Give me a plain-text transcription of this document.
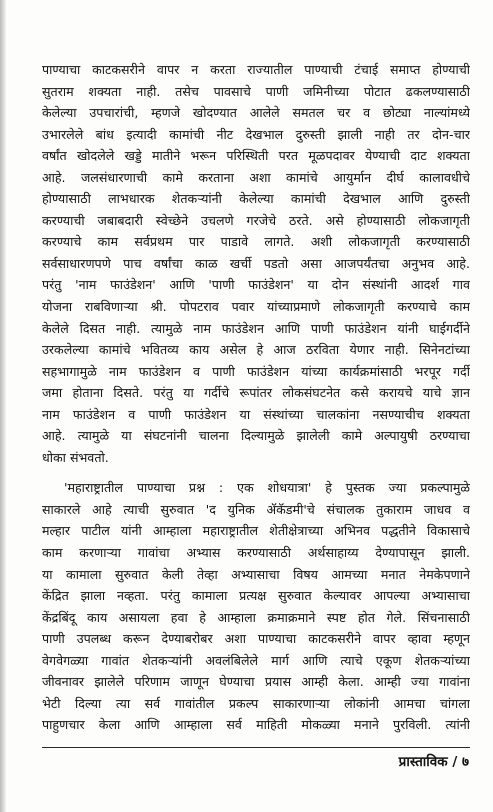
पाण्याचा काटकसरीने वापर न करता राज्यातील पाण्याची टंचाई समाप्त होण्याची
सुतराम शक्यता नाही. तसेच पावसाचे पाणी जमिनीच्या पोटात ढकलण्यासाठी
केलेल्या उपचारांची, म्हणजे खोदण्यात आलेले समतल चर व छोट्या नाल्यांमध्ये
उभारलेले बांध इत्यादी कामांची नीट देखभाल दुरुस्ती झाली नाही तर दोन-चार
वर्षांत खोदलेले खड्डे मातीने भरून परिस्थिती परत मूळपदावर येण्याची दाट शक्यता
आहे. जलसंधारणाची कामे करताना अशा कामांचे आयुर्मान दीर्घ कालावधीचे
होण्यासाठी लाभधारक शेतकऱ्यांनी केलेल्या कामांची देखभाल आणि दुरुस्ती
करण्याची जबाबदारी स्वेच्छेने उचलणे गरजेचे ठरते. असे होण्यासाठी लोकजागृती
करण्याचे काम सर्वप्रथम पार पाडावे लागते. अशी लोकजागृती करण्यासाठी
सर्वसाधारणपणे पाच वर्षांचा काळ खर्ची पडतो असा आजपर्यंतचा अनुभव आहे.
परंतु 'नाम फाउंडेशन' आणि 'पाणी फाउंडेशन' या दोन संस्थांनी आदर्श गाव
योजना राबविणाऱ्या श्री. पोपटराव पवार यांच्याप्रमाणे लोकजागृती करण्याचे काम
केलेले दिसत नाही. त्यामुळे नाम फाउंडेशन आणि पाणी फाउंडेशन यांनी घाईगर्दीने
उरकलेल्या कामांचे भवितव्य काय असेल हे आज ठरविता येणार नाही. सिनेनटांच्या
सहभागामुळे नाम फाउंडेशन व पाणी फाउंडेशन यांच्या कार्यक्रमांसाठी भरपूर गर्दी
जमा होताना दिसते. परंतु या गर्दीचे रूपांतर लोकसंघटनेत कसे करायचे याचे ज्ञान
नाम फाउंडेशन व पाणी फाउंडेशन या संस्थांच्या चालकांना नसण्याचीच शक्यता
आहे. त्यामुळे या संघटनांनी चालना दिल्यामुळे झालेली कामे अल्पायुषी ठरण्याचा
धोका संभवतो.
'महाराष्ट्रातील पाण्याचा प्रश्न : एक शोधयात्रा' हे पुस्तक ज्या प्रकल्पामुळे
साकारले आहे त्याची सुरुवात 'द युनिक ॲकॅडमी'चे संचालक तुकाराम जाधव व
मल्हार पाटील यांनी आम्हाला महाराष्ट्रातील शेतीक्षेत्राच्या अभिनव पद्धतीने विकासाचे
काम करणाऱ्या गावांचा अभ्यास करण्यासाठी अर्थसाहाय्य देण्यापासून झाली.
या कामाला सुरुवात केली तेव्हा अभ्यासाचा विषय आमच्या मनात नेमकेपणाने
केंद्रित झाला नव्हता. परंतु कामाला प्रत्यक्ष सुरुवात केल्यावर आपल्या अभ्यासाचा
केंद्रबिंदू काय असायला हवा हे आम्हाला क्रमाक्रमाने स्पष्ट होत गेले. सिंचनासाठी
पाणी उपलब्ध करून देण्याबरोबर अशा पाण्याचा काटकसरीने वापर व्हावा म्हणून
वेगवेगळ्या गावांत शेतकऱ्यांनी अवलंबिलेले मार्ग आणि त्याचे एकूण शेतकऱ्यांच्या
जीवनावर झालेले परिणाम जाणून घेण्याचा प्रयास आम्ही केला. आम्ही ज्या गावांना
भेटी दिल्या त्या सर्व गावांतील प्रकल्प साकारणाऱ्या लोकांनी आमचा चांगला
पाहुणचार केला आणि आम्हाला सर्व माहिती मोकळ्या मनाने पुरविली. त्यांनी
प्रास्ताविक / ७
